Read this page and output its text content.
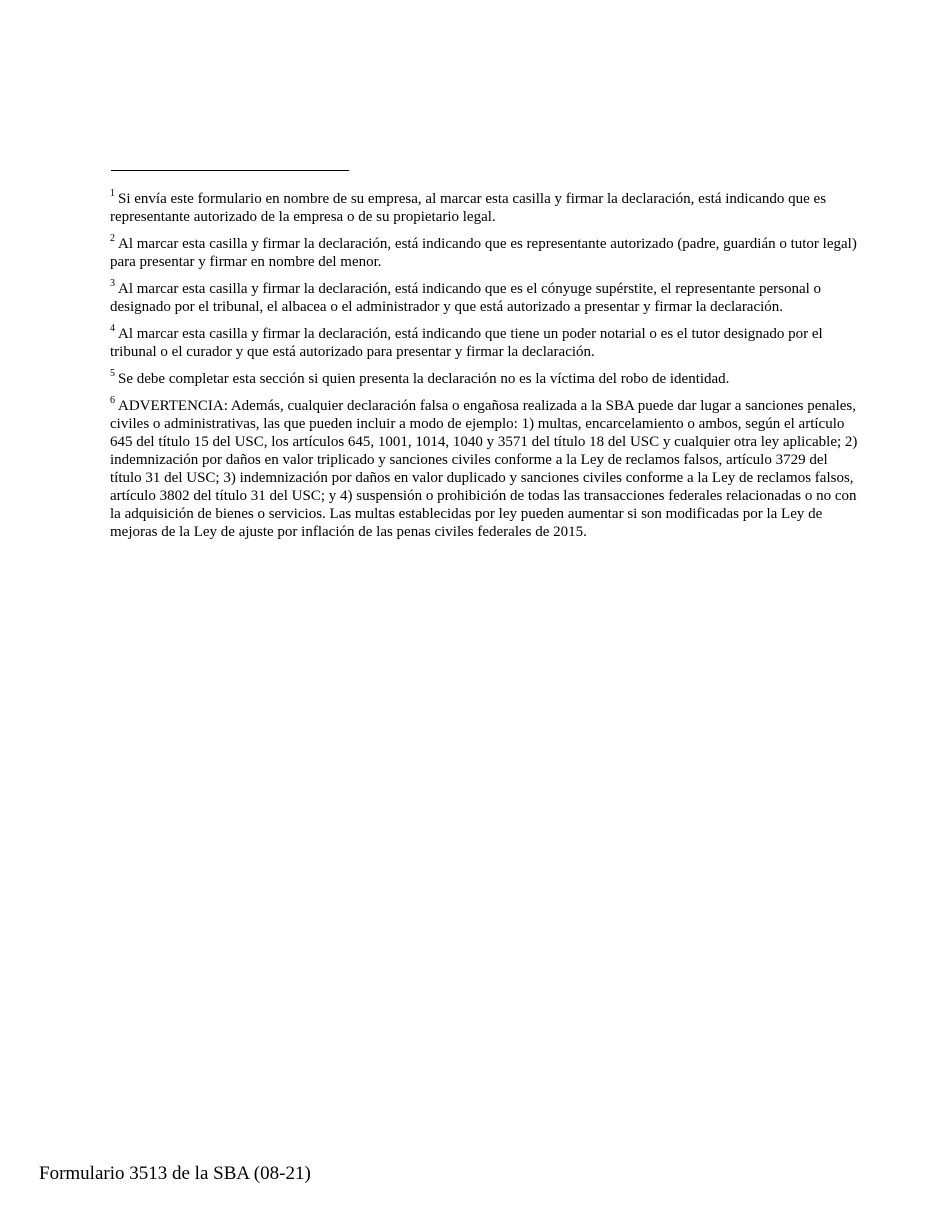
$^1$ Si envía este formulario en nombre de su empresa, al marcar esta casilla y firmar la declaración, está indicando que es representante autorizado de la empresa o de su propietario legal.

$^2$ Al marcar esta casilla y firmar la declaración, está indicando que es representante autorizado (padre, guardián o tutor legal) para presentar y firmar en nombre del menor.

$^3$ Al marcar esta casilla y firmar la declaración, está indicando que es el cónyuge supérstite, el representante personal o designado por el tribunal, el albacea o el administrador y que está autorizado a presentar y firmar la declaración.

$^4$ Al marcar esta casilla y firmar la declaración, está indicando que tiene un poder notarial o es el tutor designado por el tribunal o el curador y que está autorizado para presentar y firmar la declaración.

$^5$ Se debe completar esta sección si quien presenta la declaración no es la víctima del robo de identidad.

$^6$ ADVERTENCIA: Además, cualquier declaración falsa o engañosa realizada a la SBA puede dar lugar a sanciones penales, civiles o administrativas, las que pueden incluir a modo de ejemplo: 1) multas, encarcelamiento o ambos, según el artículo 645 del título 15 del USC, los artículos 645, 1001, 1014, 1040 y 3571 del título 18 del USC y cualquier otra ley aplicable; 2) indemnización por daños en valor triplicado y sanciones civiles conforme a la Ley de reclamos falsos, artículo 3729 del título 31 del USC; 3) indemnización por daños en valor duplicado y sanciones civiles conforme a la Ley de reclamos falsos, artículo 3802 del título 31 del USC; y 4) suspensión o prohibición de todas las transacciones federales relacionadas o no con la adquisición de bienes o servicios. Las multas establecidas por ley pueden aumentar si son modificadas por la Ley de mejoras de la Ley de ajuste por inflación de las penas civiles federales de 2015.

Formulario 3513 de la SBA (08-21)
